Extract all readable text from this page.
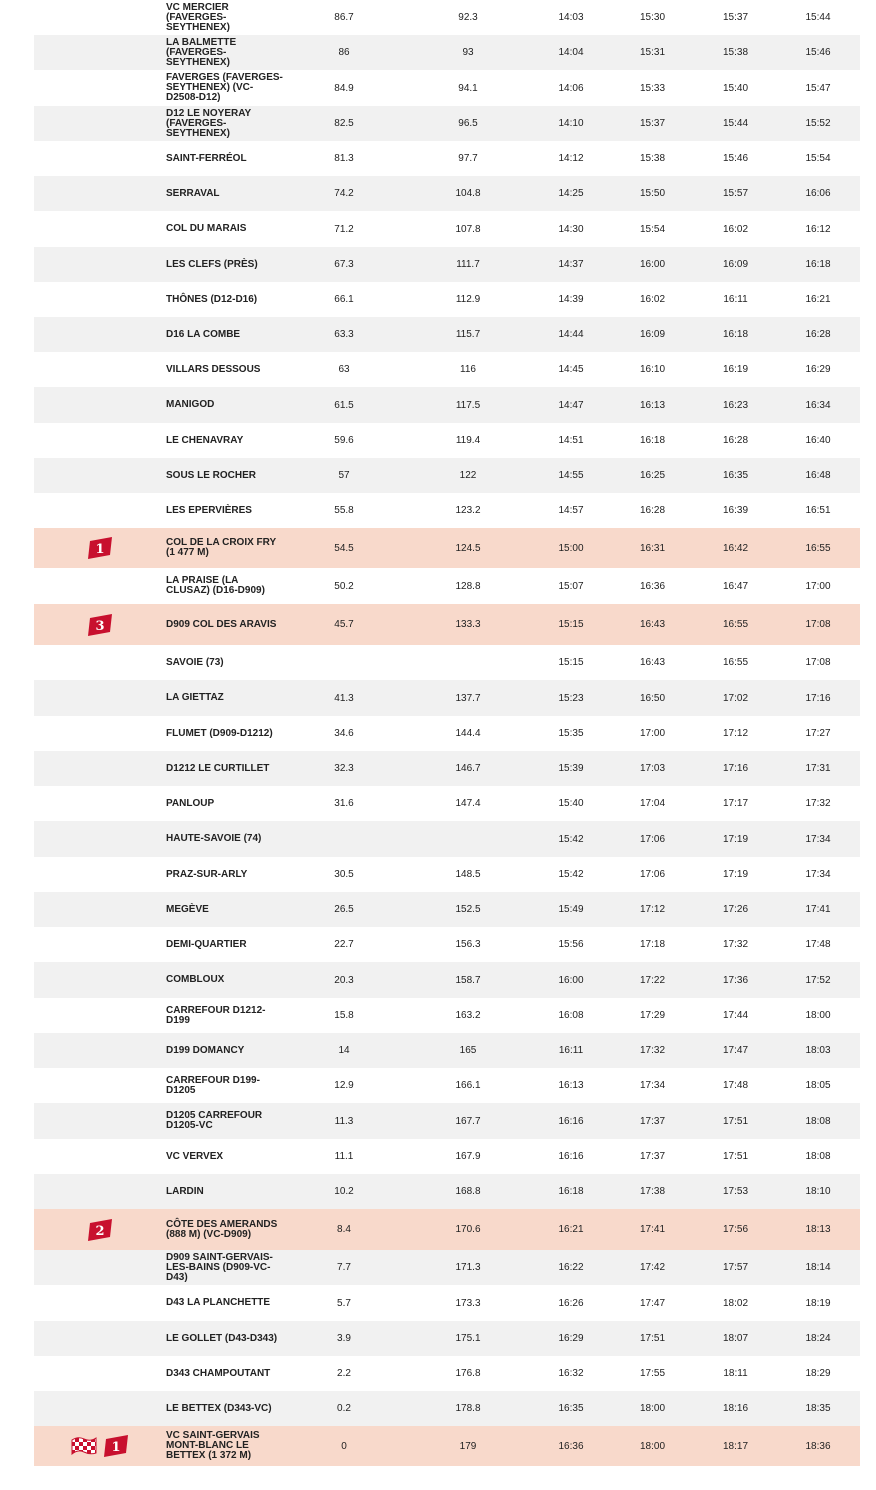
	VC MERCIER (FAVERGES-SEYTHENEX)	86.7	92.3	14:03	15:30	15:37	15:44

	LA BALMETTE (FAVERGES-SEYTHENEX)	86	93	14:04	15:31	15:38	15:46

	FAVERGES (FAVERGES-SEYTHENEX) (VC-D2508-D12)	84.9	94.1	14:06	15:33	15:40	15:47

	D12 LE NOYERAY (FAVERGES-SEYTHENEX)	82.5	96.5	14:10	15:37	15:44	15:52

	SAINT-FERRÉOL	81.3	97.7	14:12	15:38	15:46	15:54

	SERRAVAL	74.2	104.8	14:25	15:50	15:57	16:06

	COL DU MARAIS	71.2	107.8	14:30	15:54	16:02	16:12

	LES CLEFS (PRÈS)	67.3	111.7	14:37	16:00	16:09	16:18

	THÔNES (D12-D16)	66.1	112.9	14:39	16:02	16:11	16:21

	D16 LA COMBE	63.3	115.7	14:44	16:09	16:18	16:28

	VILLARS DESSOUS	63	116	14:45	16:10	16:19	16:29

	MANIGOD	61.5	117.5	14:47	16:13	16:23	16:34

	LE CHENAVRAY	59.6	119.4	14:51	16:18	16:28	16:40

	SOUS LE ROCHER	57	122	14:55	16:25	16:35	16:48

	LES EPERVIÈRES	55.8	123.2	14:57	16:28	16:39	16:51

1	COL DE LA CROIX FRY (1 477 M)	54.5	124.5	15:00	16:31	16:42	16:55

	LA PRAISE (LA CLUSAZ) (D16-D909)	50.2	128.8	15:07	16:36	16:47	17:00

3	D909 COL DES ARAVIS	45.7	133.3	15:15	16:43	16:55	17:08

	SAVOIE (73)			15:15	16:43	16:55	17:08

	LA GIETTAZ	41.3	137.7	15:23	16:50	17:02	17:16

	FLUMET (D909-D1212)	34.6	144.4	15:35	17:00	17:12	17:27

	D1212 LE CURTILLET	32.3	146.7	15:39	17:03	17:16	17:31

	PANLOUP	31.6	147.4	15:40	17:04	17:17	17:32

	HAUTE-SAVOIE (74)			15:42	17:06	17:19	17:34

	PRAZ-SUR-ARLY	30.5	148.5	15:42	17:06	17:19	17:34

	MEGÈVE	26.5	152.5	15:49	17:12	17:26	17:41

	DEMI-QUARTIER	22.7	156.3	15:56	17:18	17:32	17:48

	COMBLOUX	20.3	158.7	16:00	17:22	17:36	17:52

	CARREFOUR D1212-D199	15.8	163.2	16:08	17:29	17:44	18:00

	D199 DOMANCY	14	165	16:11	17:32	17:47	18:03

	CARREFOUR D199-D1205	12.9	166.1	16:13	17:34	17:48	18:05

	D1205 CARREFOUR D1205-VC	11.3	167.7	16:16	17:37	17:51	18:08

	VC VERVEX	11.1	167.9	16:16	17:37	17:51	18:08

	LARDIN	10.2	168.8	16:18	17:38	17:53	18:10

2	CÔTE DES AMERANDS (888 M) (VC-D909)	8.4	170.6	16:21	17:41	17:56	18:13

	D909 SAINT-GERVAIS-LES-BAINS (D909-VC-D43)	7.7	171.3	16:22	17:42	17:57	18:14

	D43 LA PLANCHETTE	5.7	173.3	16:26	17:47	18:02	18:19

	LE GOLLET (D43-D343)	3.9	175.1	16:29	17:51	18:07	18:24

	D343 CHAMPOUTANT	2.2	176.8	16:32	17:55	18:11	18:29

	LE BETTEX (D343-VC)	0.2	178.8	16:35	18:00	18:16	18:35

1	VC SAINT-GERVAIS MONT-BLANC LE BETTEX (1 372 M)	0	179	16:36	18:00	18:17	18:36
